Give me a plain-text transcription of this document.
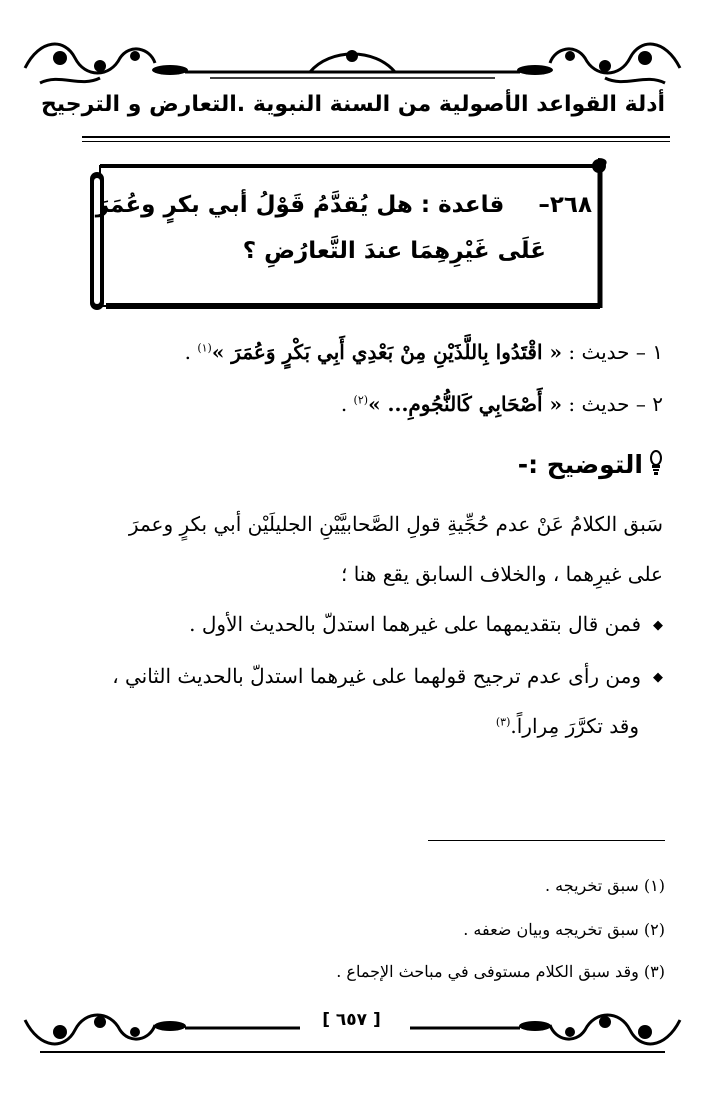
أدلة القواعد الأصولية من السنة النبوية .التعارض و الترجيح
٢٦٨–  قاعدة : هل يُقدَّمُ قَوْلُ أبي بكرٍ وعُمَرَ
عَلَى غَيْرِهِمَا عندَ التَّعارُضِ ؟
١ – حديث : « اقْتَدُوا بِاللَّذَيْنِ مِنْ بَعْدِي أَبِي بَكْرٍ وَعُمَرَ »$^{(١)}$ .
٢ – حديث : « أَصْحَابِي كَالنُّجُومِ... »$^{(٢)}$ .
التوضيح :-
سَبق الكلامُ عَنْ عدم حُجِّيةِ قولِ الصَّحابيَّيْنِ الجليلَيْن أبي بكرٍ وعمرَ
على غيرِهما ، والخلاف السابق يقع هنا ؛
◆فمن قال بتقديمهما على غيرهما استدلّ بالحديث الأول .
◆ومن رأى عدم ترجيح قولهما على غيرهما استدلّ بالحديث الثاني ،
وقد تكرَّرَ مِراراً.$^{(٣)}$
(١) سبق تخريجه .
(٢) سبق تخريجه وبيان ضعفه .
(٣) وقد سبق الكلام مستوفى في مباحث الإجماع .
[ ٦٥٧ ]
